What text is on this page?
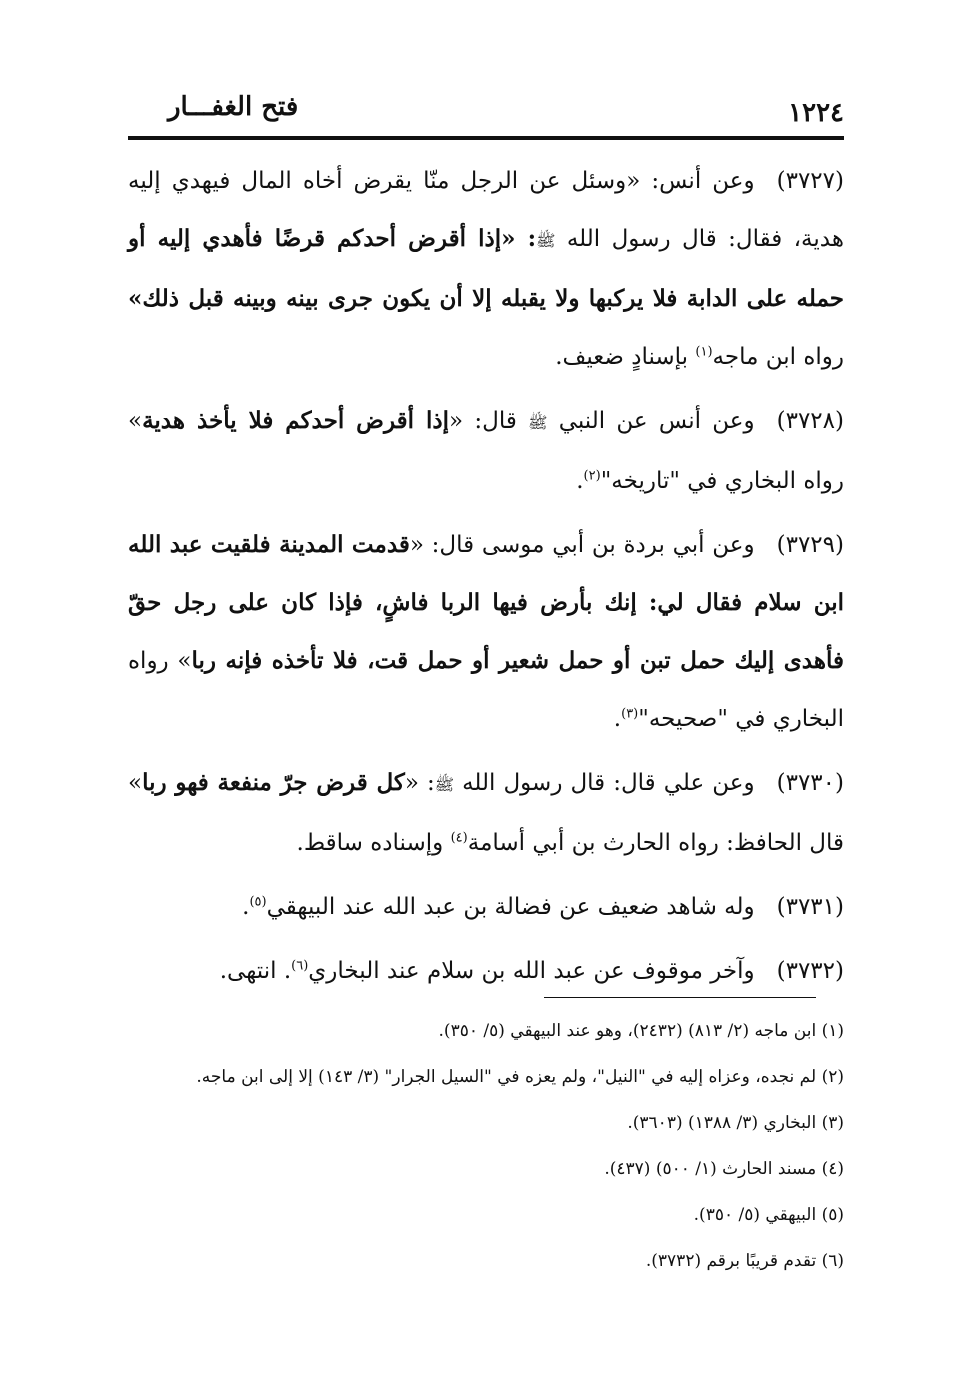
١٢٢٤
فتح الغفـــار

(٣٧٢٧)وعن أنس: «وسئل عن الرجل منّا يقرض أخاه المال فيهدي إليه هدية، فقال: قال رسول الله ﷺ: «إذا أقرض أحدكم قرضًا فأهدي إليه أو حمله على الدابة فلا يركبها ولا يقبله إلا أن يكون جرى بينه وبينه قبل ذلك» رواه ابن ماجه$^{(١)}$ بإسنادٍ ضعيف.

(٣٧٢٨)وعن أنس عن النبي ﷺ قال: «إذا أقرض أحدكم فلا يأخذ هدية» رواه البخاري في "تاريخه"$^{(٢)}$.

(٣٧٢٩)وعن أبي بردة بن أبي موسى قال: «قدمت المدينة فلقيت عبد الله ابن سلام فقال لي: إنك بأرض فيها الربا فاشٍ، فإذا كان على رجل حقّ فأهدى إليك حمل تبن أو حمل شعير أو حمل قت، فلا تأخذه فإنه ربا» رواه البخاري في "صحيحه"$^{(٣)}$.

(٣٧٣٠)وعن علي قال: قال رسول الله ﷺ: «كل قرض جرّ منفعة فهو ربا» قال الحافظ: رواه الحارث بن أبي أسامة$^{(٤)}$ وإسناده ساقط.

(٣٧٣١)وله شاهد ضعيف عن فضالة بن عبد الله عند البيهقي$^{(٥)}$.

(٣٧٣٢)وآخر موقوف عن عبد الله بن سلام عند البخاري$^{(٦)}$. انتهى.

(١) ابن ماجه (٢/ ٨١٣) (٢٤٣٢)، وهو عند البيهقي (٥/ ٣٥٠).
(٢) لم نجده، وعزاه إليه في "النيل"، ولم يعزه في "السيل الجرار" (٣/ ١٤٣) إلا إلى ابن ماجه.
(٣) البخاري (٣/ ١٣٨٨) (٣٦٠٣).
(٤) مسند الحارث (١/ ٥٠٠) (٤٣٧).
(٥) البيهقي (٥/ ٣٥٠).
(٦) تقدم قريبًا برقم (٣٧٣٢).
